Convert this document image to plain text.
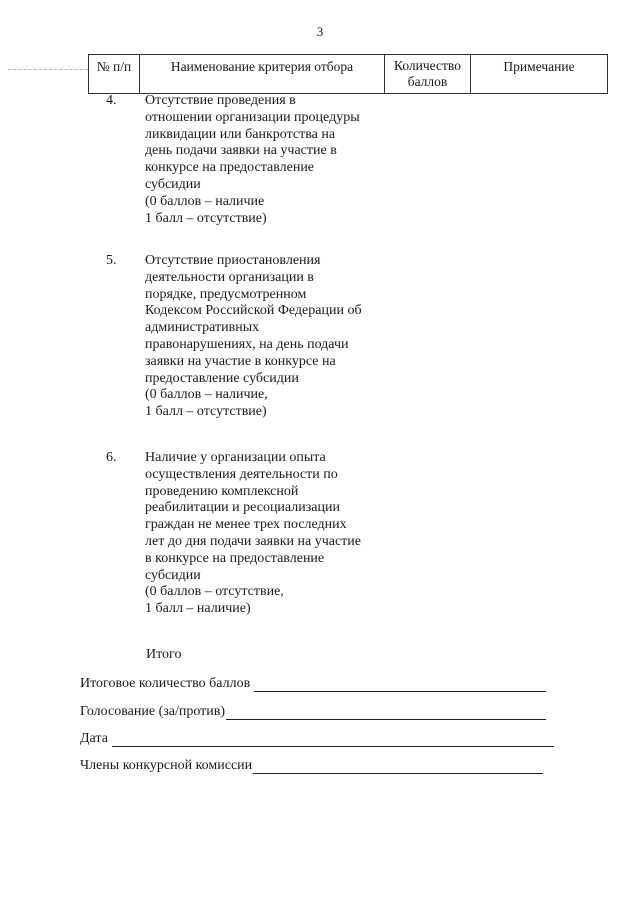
3
№ п/п	Наименование критерия отбора	Количество баллов	Примечание
4.	Отсутствие проведения в
отношении организации процедуры
ликвидации или банкротства на
день подачи заявки на участие в
конкурсе на предоставление
субсидии
(0 баллов – наличие
1 балл – отсутствие)
5.	Отсутствие приостановления
деятельности организации в
порядке, предусмотренном
Кодексом Российской Федерации об
административных
правонарушениях, на день подачи
заявки на участие в конкурсе на
предоставление субсидии
(0 баллов – наличие,
1 балл – отсутствие)
6.	Наличие у организации опыта
осуществления деятельности по
проведению комплексной
реабилитации и ресоциализации
граждан не менее трех последних
лет до дня подачи заявки на участие
в конкурсе на предоставление
субсидии
(0 баллов – отсутствие,
1 балл – наличие)
Итого
Итоговое количество баллов
Голосование (за/против)
Дата
Члены конкурсной комиссии
